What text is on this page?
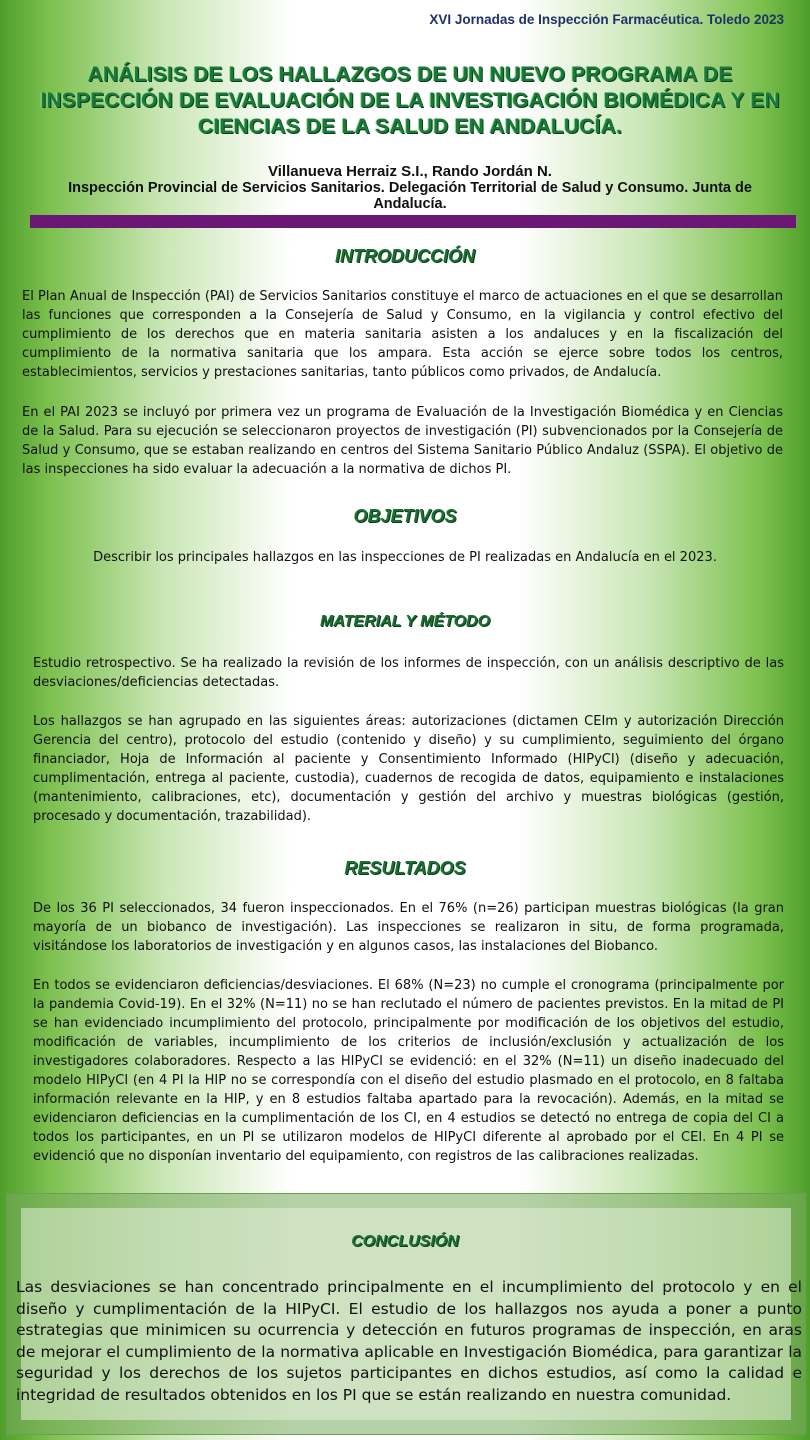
XVI Jornadas de Inspección Farmacéutica. Toledo 2023
ANÁLISIS DE LOS HALLAZGOS DE UN NUEVO PROGRAMA DE INSPECCIÓN DE EVALUACIÓN DE LA INVESTIGACIÓN BIOMÉDICA Y EN CIENCIAS DE LA SALUD EN ANDALUCÍA.
Villanueva Herraiz S.I., Rando Jordán N.
Inspección Provincial de Servicios Sanitarios. Delegación Territorial de Salud y Consumo. Junta de Andalucía.
INTRODUCCIÓN
El Plan Anual de Inspección (PAI) de Servicios Sanitarios constituye el marco de actuaciones en el que se desarrollan las funciones que corresponden a la Consejería de Salud y Consumo, en la vigilancia y control efectivo del cumplimiento de los derechos que en materia sanitaria asisten a los andaluces y en la fiscalización del cumplimiento de la normativa sanitaria que los ampara. Esta acción se ejerce sobre todos los centros, establecimientos, servicios y prestaciones sanitarias, tanto públicos como privados, de Andalucía.
En el PAI 2023 se incluyó por primera vez un programa de Evaluación de la Investigación Biomédica y en Ciencias de la Salud. Para su ejecución se seleccionaron proyectos de investigación (PI) subvencionados por la Consejería de Salud y Consumo, que se estaban realizando en centros del Sistema Sanitario Público Andaluz (SSPA). El objetivo de las inspecciones ha sido evaluar la adecuación a la normativa de dichos PI.
OBJETIVOS
Describir los principales hallazgos en las inspecciones de PI realizadas en Andalucía en el 2023.
MATERIAL Y MÉTODO
Estudio retrospectivo. Se ha realizado la revisión de los informes de inspección, con un análisis descriptivo de las desviaciones/deficiencias detectadas.
Los hallazgos se han agrupado en las siguientes áreas: autorizaciones (dictamen CEIm y autorización Dirección Gerencia del centro), protocolo del estudio (contenido y diseño) y su cumplimiento, seguimiento del órgano financiador, Hoja de Información al paciente y Consentimiento Informado (HIPyCI) (diseño y adecuación, cumplimentación, entrega al paciente, custodia), cuadernos de recogida de datos, equipamiento e instalaciones (mantenimiento, calibraciones, etc), documentación y gestión del archivo y muestras biológicas (gestión, procesado y documentación, trazabilidad).
RESULTADOS
De los 36 PI seleccionados, 34 fueron inspeccionados. En el 76% (n=26) participan muestras biológicas (la gran mayoría de un biobanco de investigación). Las inspecciones se realizaron in situ, de forma programada, visitándose los laboratorios de investigación y en algunos casos, las instalaciones del Biobanco.
En todos se evidenciaron deficiencias/desviaciones. El 68% (N=23) no cumple el cronograma (principalmente por la pandemia Covid-19). En el 32% (N=11) no se han reclutado el número de pacientes previstos. En la mitad de PI se han evidenciado incumplimiento del protocolo, principalmente por modificación de los objetivos del estudio, modificación de variables, incumplimiento de los criterios de inclusión/exclusión y actualización de los investigadores colaboradores. Respecto a las HIPyCI se evidenció: en el 32% (N=11) un diseño inadecuado del modelo HIPyCI (en 4 PI la HIP no se correspondía con el diseño del estudio plasmado en el protocolo, en 8 faltaba información relevante en la HIP, y en 8 estudios faltaba apartado para la revocación). Además, en la mitad se evidenciaron deficiencias en la cumplimentación de los CI, en 4 estudios se detectó no entrega de copia del CI a todos los participantes, en un PI se utilizaron modelos de HIPyCI diferente al aprobado por el CEI. En 4 PI se evidenció que no disponían inventario del equipamiento, con registros de las calibraciones realizadas.
CONCLUSIÓN
Las desviaciones se han concentrado principalmente en el incumplimiento del protocolo y en el diseño y cumplimentación de la HIPyCI. El estudio de los hallazgos nos ayuda a poner a punto estrategias que minimicen su ocurrencia y detección en futuros programas de inspección, en aras de mejorar el cumplimiento de la normativa aplicable en Investigación Biomédica, para garantizar la seguridad y los derechos de los sujetos participantes en dichos estudios, así como la calidad e integridad de resultados obtenidos en los PI que se están realizando en nuestra comunidad.
